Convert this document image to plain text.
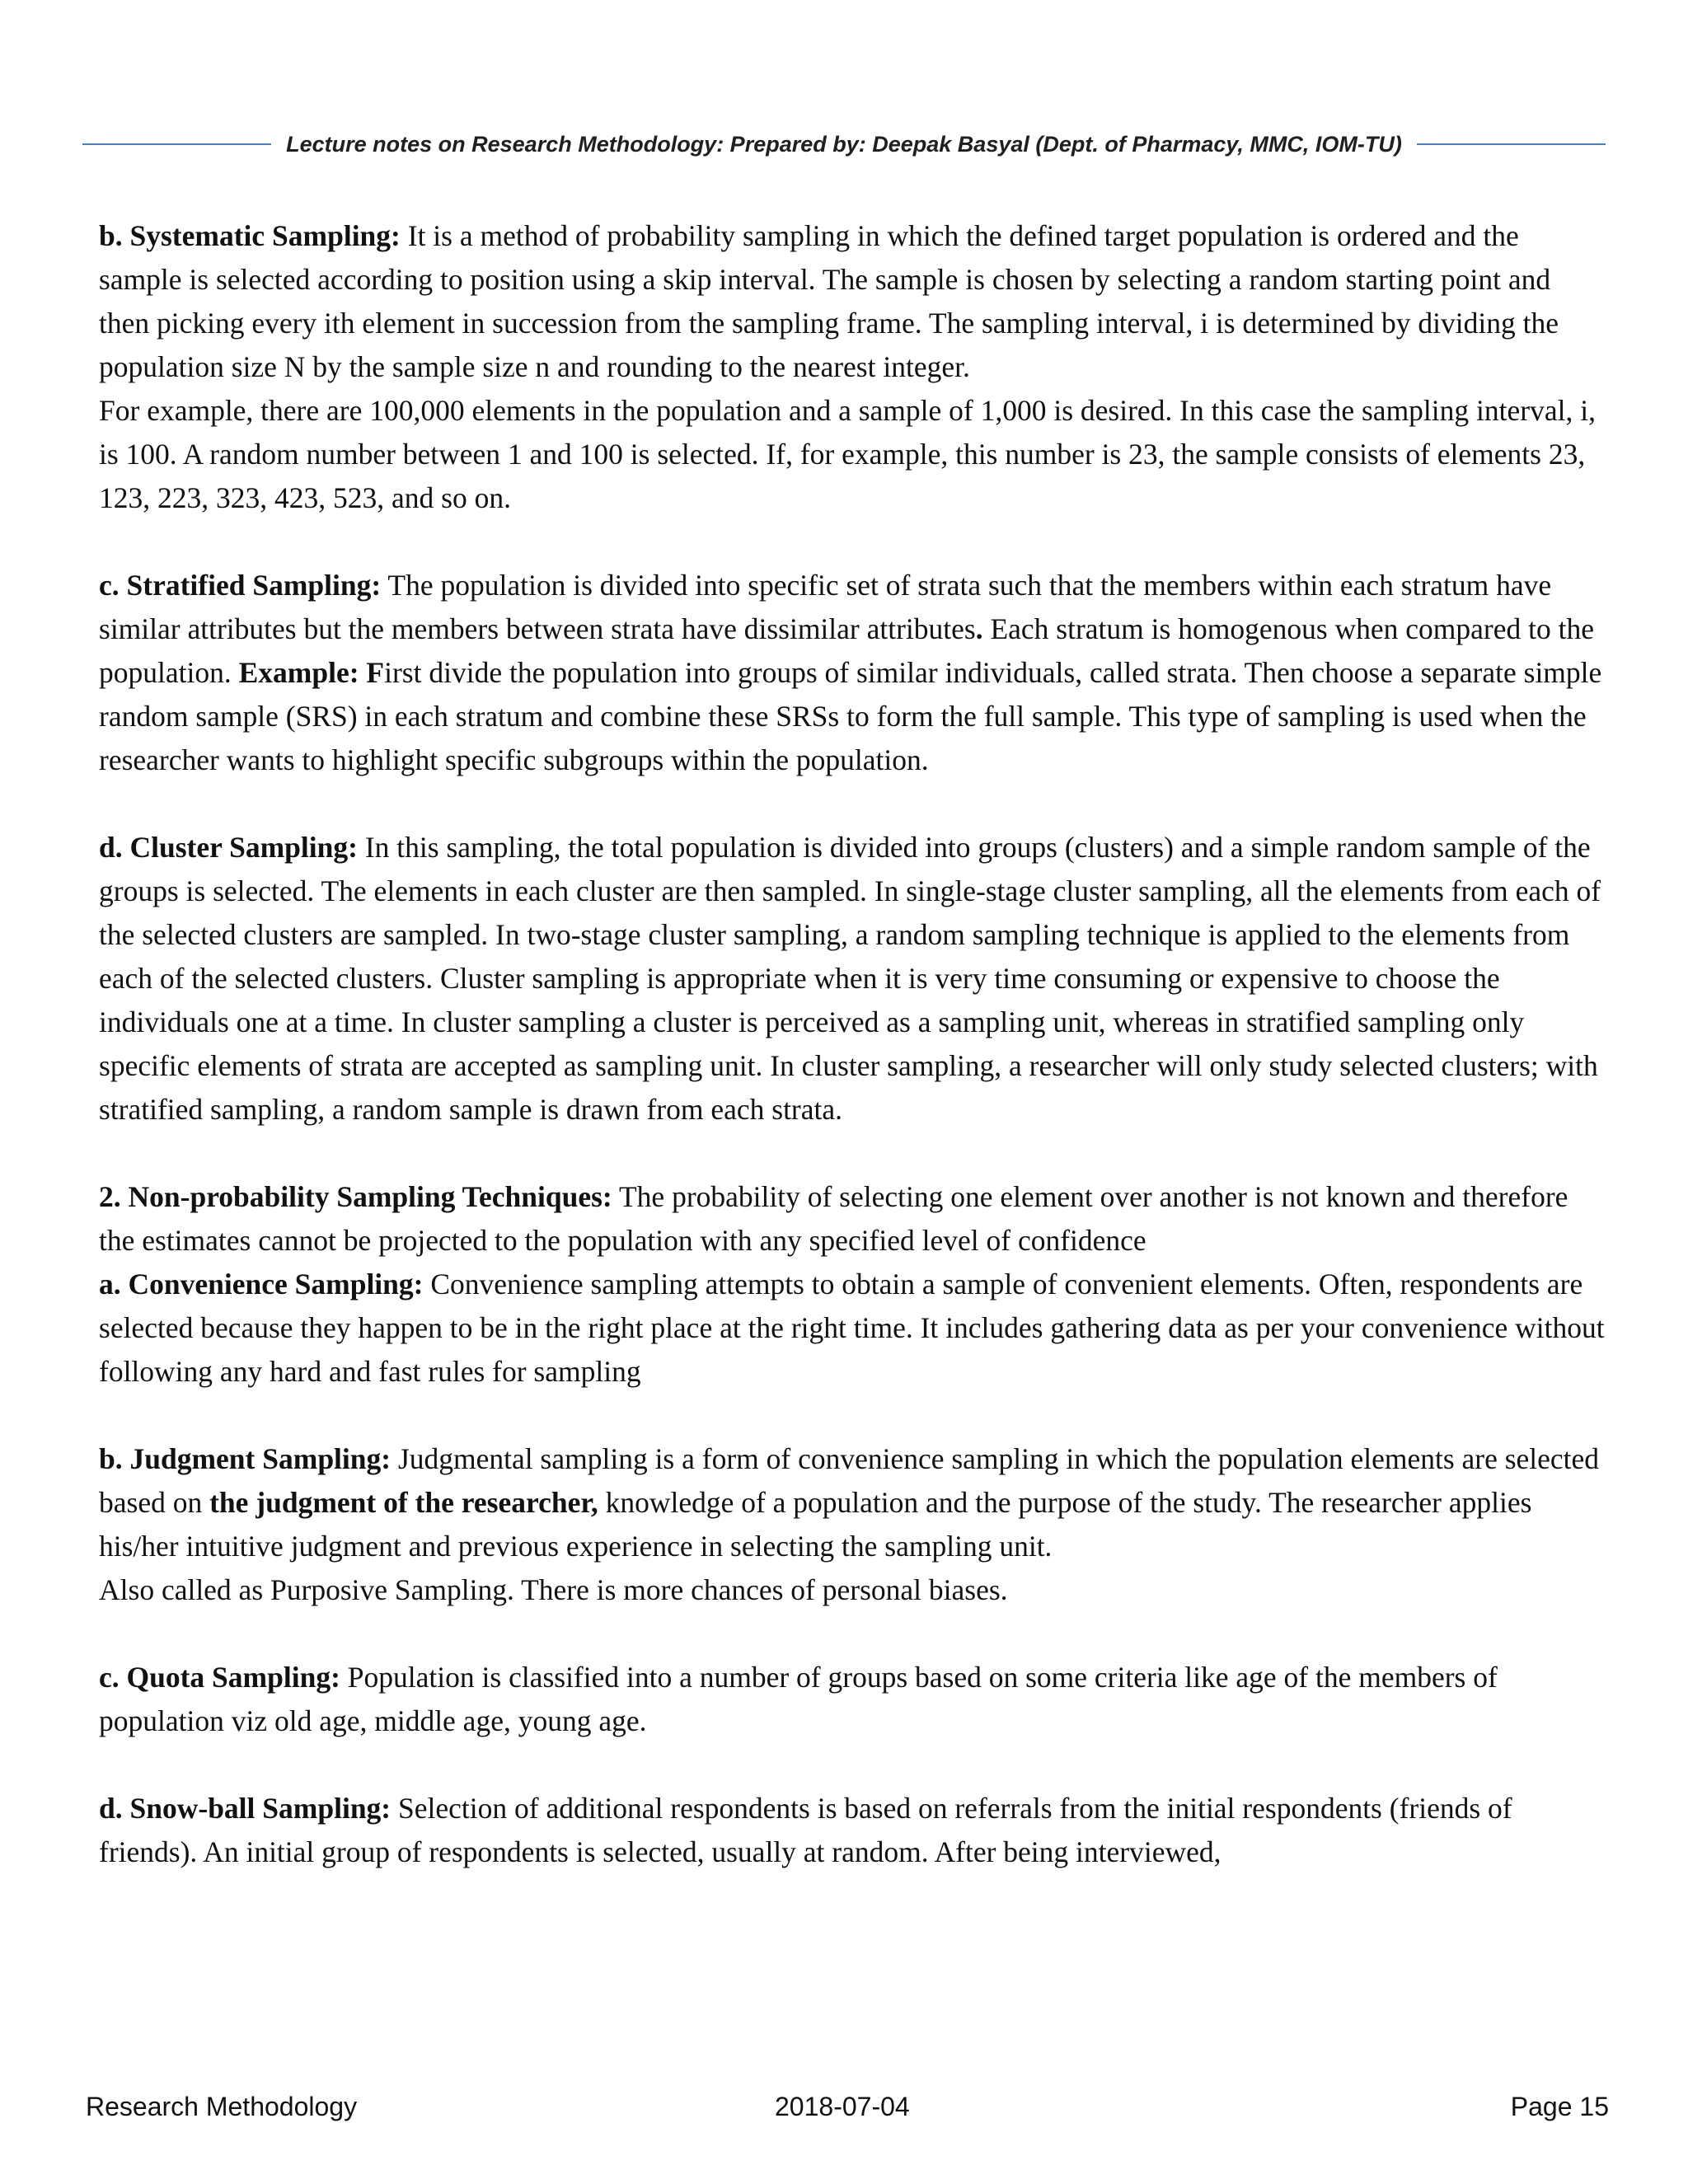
Lecture notes on Research Methodology: Prepared by: Deepak Basyal (Dept. of Pharmacy, MMC, IOM-TU)

b. Systematic Sampling: It is a method of probability sampling in which the defined target population is ordered and the sample is selected according to position using a skip interval. The sample is chosen by selecting a random starting point and then picking every ith element in succession from the sampling frame. The sampling interval, i is determined by dividing the population size N by the sample size n and rounding to the nearest integer.

For example, there are 100,000 elements in the population and a sample of 1,000 is desired. In this case the sampling interval, i, is 100. A random number between 1 and 100 is selected. If, for example, this number is 23, the sample consists of elements 23, 123, 223, 323, 423, 523, and so on.

c. Stratified Sampling: The population is divided into specific set of strata such that the members within each stratum have similar attributes but the members between strata have dissimilar attributes. Each stratum is homogenous when compared to the population. Example: First divide the population into groups of similar individuals, called strata. Then choose a separate simple random sample (SRS) in each stratum and combine these SRSs to form the full sample. This type of sampling is used when the researcher wants to highlight specific subgroups within the population.

d. Cluster Sampling: In this sampling, the total population is divided into groups (clusters) and a simple random sample of the groups is selected. The elements in each cluster are then sampled. In single-stage cluster sampling, all the elements from each of the selected clusters are sampled. In two-stage cluster sampling, a random sampling technique is applied to the elements from each of the selected clusters. Cluster sampling is appropriate when it is very time consuming or expensive to choose the individuals one at a time. In cluster sampling a cluster is perceived as a sampling unit, whereas in stratified sampling only specific elements of strata are accepted as sampling unit. In cluster sampling, a researcher will only study selected clusters; with stratified sampling, a random sample is drawn from each strata.

2. Non-probability Sampling Techniques: The probability of selecting one element over another is not known and therefore the estimates cannot be projected to the population with any specified level of confidence

a. Convenience Sampling: Convenience sampling attempts to obtain a sample of convenient elements. Often, respondents are selected because they happen to be in the right place at the right time. It includes gathering data as per your convenience without following any hard and fast rules for sampling

b. Judgment Sampling: Judgmental sampling is a form of convenience sampling in which the population elements are selected based on the judgment of the researcher, knowledge of a population and the purpose of the study. The researcher applies his/her intuitive judgment and previous experience in selecting the sampling unit.

Also called as Purposive Sampling. There is more chances of personal biases.

c. Quota Sampling: Population is classified into a number of groups based on some criteria like age of the members of population viz old age, middle age, young age.

d. Snow-ball Sampling: Selection of additional respondents is based on referrals from the initial respondents (friends of friends). An initial group of respondents is selected, usually at random. After being interviewed,

Research Methodology	2018-07-04	Page 15
